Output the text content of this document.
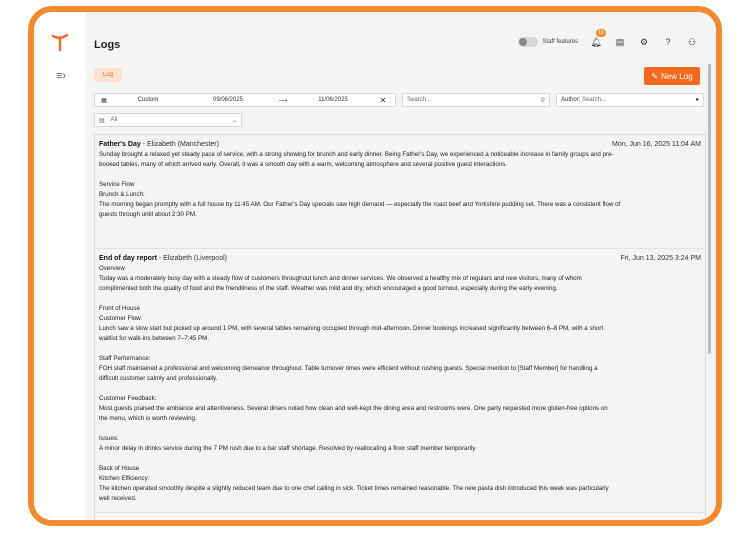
≡›
Logs	Staff features 🔔︎
10
▤ ⚙	?	⚇
Log	✎ New Log
▦	Custom	09/06/2025	⟶	11/06/2025	✕	Search...	⚲	Author: Search...	●
▤ All	⌄
Father's Day - Elizabeth (Manchester)	Mon, Jun 16, 2025 11:04 AM
Sunday brought a relaxed yet steady pace of service, with a strong showing for brunch and early dinner. Being Father's Day, we experienced a noticeable increase in family groups and pre-
booked tables, many of which arrived early. Overall, it was a smooth day with a warm, welcoming atmosphere and several positive guest interactions.
Service Flow
Brunch & Lunch:
The morning began promptly with a full house by 11:45 AM. Our Father's Day specials saw high demand — especially the roast beef and Yorkshire pudding set. There was a consistent flow of
guests through until about 2:30 PM.
End of day report - Elizabeth (Liverpool)	Fri, Jun 13, 2025 3:24 PM
Overview
Today was a moderately busy day with a steady flow of customers throughout lunch and dinner services. We observed a healthy mix of regulars and new visitors, many of whom
complimented both the quality of food and the friendliness of the staff. Weather was mild and dry, which encouraged a good turnout, especially during the early evening.
Front of House
Customer Flow:
Lunch saw a slow start but picked up around 1 PM, with several tables remaining occupied through mid-afternoon. Dinner bookings increased significantly between 6–8 PM, with a short
waitlist for walk-ins between 7–7:45 PM.
Staff Performance:
FOH staff maintained a professional and welcoming demeanor throughout. Table turnover times were efficient without rushing guests. Special mention to [Staff Member] for handling a
difficult customer calmly and professionally.
Customer Feedback:
Most guests praised the ambiance and attentiveness. Several diners noted how clean and well-kept the dining area and restrooms were. One party requested more gluten-free options on
the menu, which is worth reviewing.
Issues:
A minor delay in drinks service during the 7 PM rush due to a bar staff shortage. Resolved by reallocating a floor staff member temporarily.
Back of House
Kitchen Efficiency:
The kitchen operated smoothly despite a slightly reduced team due to one chef calling in sick. Ticket times remained reasonable. The new pasta dish introduced this week was particularly
well received.
